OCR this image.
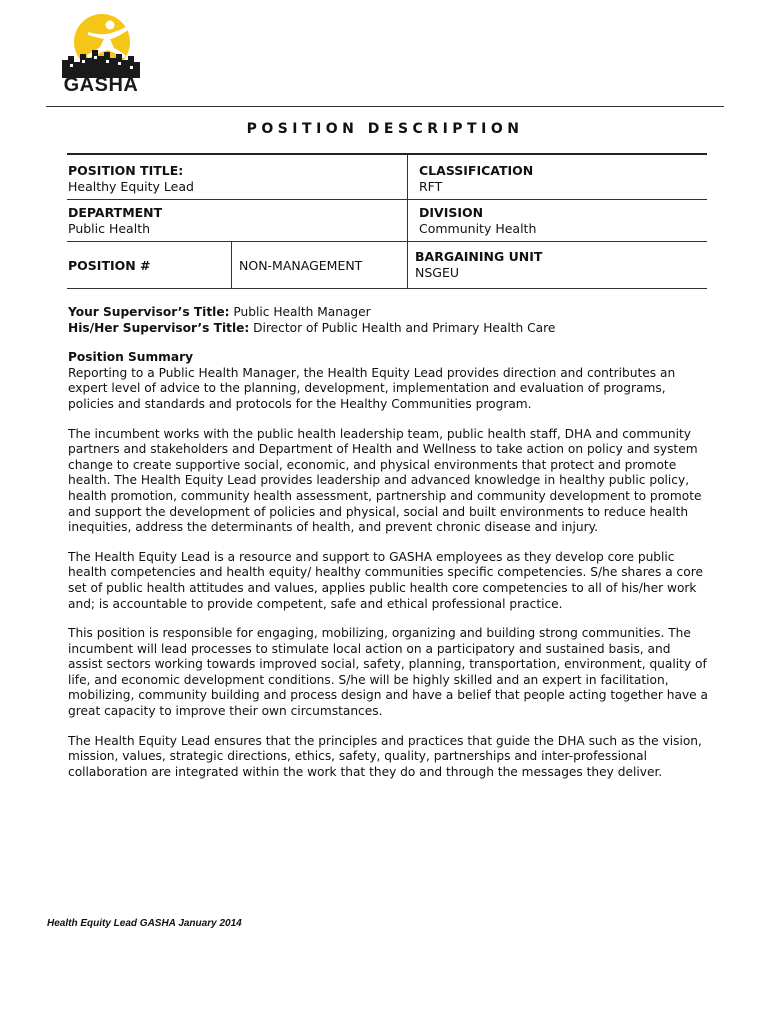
GASHA
POSITION DESCRIPTION
POSITION TITLE:
Healthy Equity Lead
CLASSIFICATION
RFT
DEPARTMENT
Public Health
DIVISION
Community Health
POSITION #	NON-MANAGEMENT
BARGAINING UNIT
NSGEU

Your Supervisor’s Title: Public Health Manager
His/Her Supervisor’s Title: Director of Public Health and Primary Health Care

Position Summary
Reporting to a Public Health Manager, the Health Equity Lead provides direction and contributes an expert level of advice to the planning, development, implementation and evaluation of programs, policies and standards and protocols for the Healthy Communities program.

The incumbent works with the public health leadership team, public health staff, DHA and community partners and stakeholders and Department of Health and Wellness to take action on policy and system change to create supportive social, economic, and physical environments that protect and promote health. The Health Equity Lead provides leadership and advanced knowledge in healthy public policy, health promotion, community health assessment, partnership and community development to promote and support the development of policies and physical, social and built environments to reduce health inequities, address the determinants of health, and prevent chronic disease and injury.

The Health Equity Lead is a resource and support to GASHA employees as they develop core public health competencies and health equity/ healthy communities specific competencies. S/he shares a core set of public health attitudes and values, applies public health core competencies to all of his/her work and; is accountable to provide competent, safe and ethical professional practice.

This position is responsible for engaging, mobilizing, organizing and building strong communities. The incumbent will lead processes to stimulate local action on a participatory and sustained basis, and assist sectors working towards improved social, safety, planning, transportation, environment, quality of life, and economic development conditions. S/he will be highly skilled and an expert in facilitation, mobilizing, community building and process design and have a belief that people acting together have a great capacity to improve their own circumstances.

The Health Equity Lead ensures that the principles and practices that guide the DHA such as the vision, mission, values, strategic directions, ethics, safety, quality, partnerships and inter-professional collaboration are integrated within the work that they do and through the messages they deliver.

Health Equity Lead GASHA January 2014
